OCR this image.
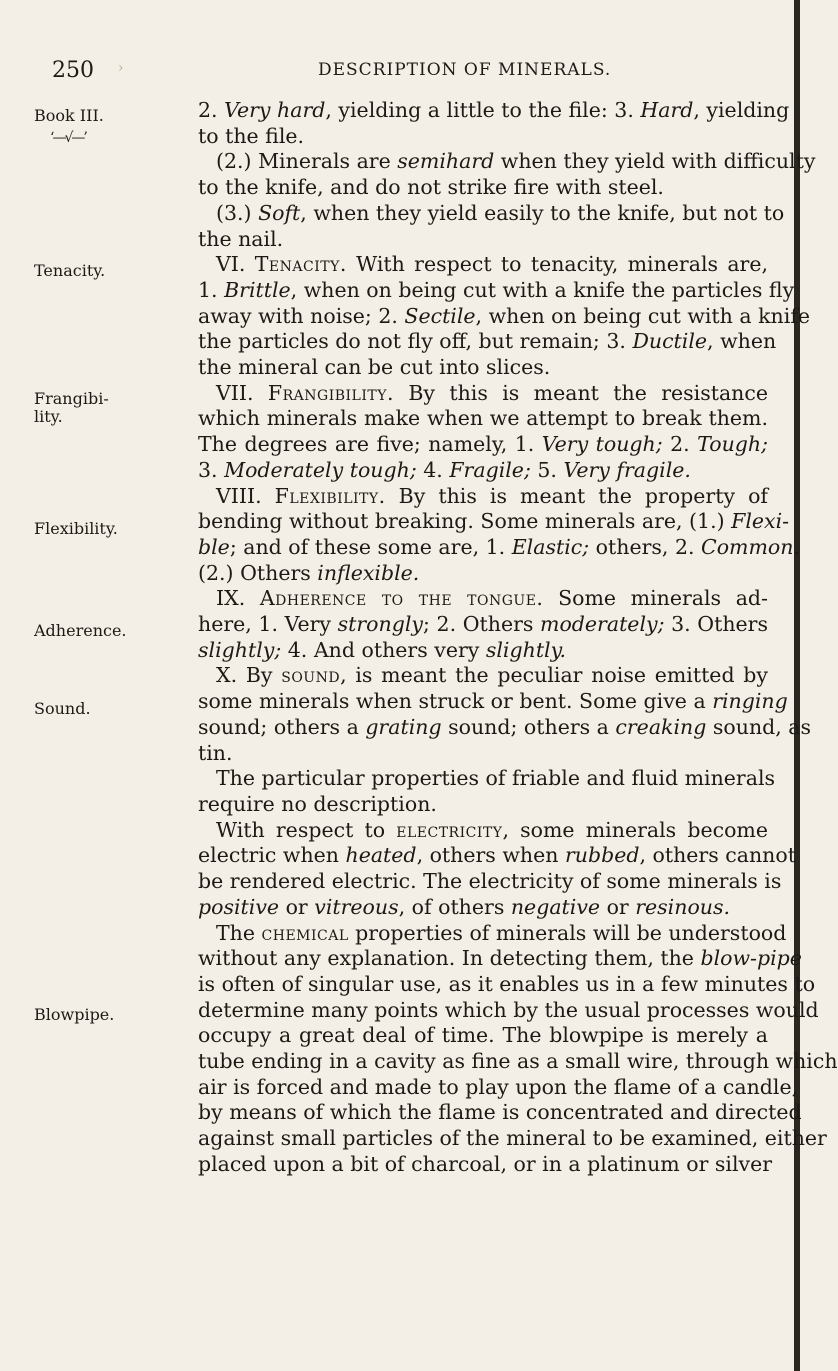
250 ›	DESCRIPTION OF MINERALS.
Book III.
‘—√—’
Tenacity.
Frangibi-
lity.
Flexibility.
Adherence.
Sound.
Blowpipe.
2. Very hard, yielding a little to the file: 3. Hard, yielding
to the file.
(2.) Minerals are semihard when they yield with difficulty
to the knife, and do not strike fire with steel.
(3.) Soft, when they yield easily to the knife, but not to
the nail.
VI. Tenacity. With respect to tenacity, minerals are,
1. Brittle, when on being cut with a knife the particles fly
away with noise; 2. Sectile, when on being cut with a knife
the particles do not fly off, but remain; 3. Ductile, when
the mineral can be cut into slices.
VII. Frangibility. By this is meant the resistance
which minerals make when we attempt to break them.
The degrees are five; namely, 1. Very tough; 2. Tough;
3. Moderately tough; 4. Fragile; 5. Very fragile.
VIII. Flexibility. By this is meant the property of
bending without breaking. Some minerals are, (1.) Flexi-
ble; and of these some are, 1. Elastic; others, 2. Common.
(2.) Others inflexible.
IX. Adherence to the tongue. Some minerals ad-
here, 1. Very strongly; 2. Others moderately; 3. Others
slightly; 4. And others very slightly.
X. By sound, is meant the peculiar noise emitted by
some minerals when struck or bent. Some give a ringing
sound; others a grating sound; others a creaking sound, as
tin.
The particular properties of friable and fluid minerals
require no description.
With respect to electricity, some minerals become
electric when heated, others when rubbed, others cannot
be rendered electric. The electricity of some minerals is
positive or vitreous, of others negative or resinous.
The chemical properties of minerals will be understood
without any explanation. In detecting them, the blow-pipe
is often of singular use, as it enables us in a few minutes to
determine many points which by the usual processes would
occupy a great deal of time. The blowpipe is merely a
tube ending in a cavity as fine as a small wire, through which
air is forced and made to play upon the flame of a candle,
by means of which the flame is concentrated and directed
against small particles of the mineral to be examined, either
placed upon a bit of charcoal, or in a platinum or silver
